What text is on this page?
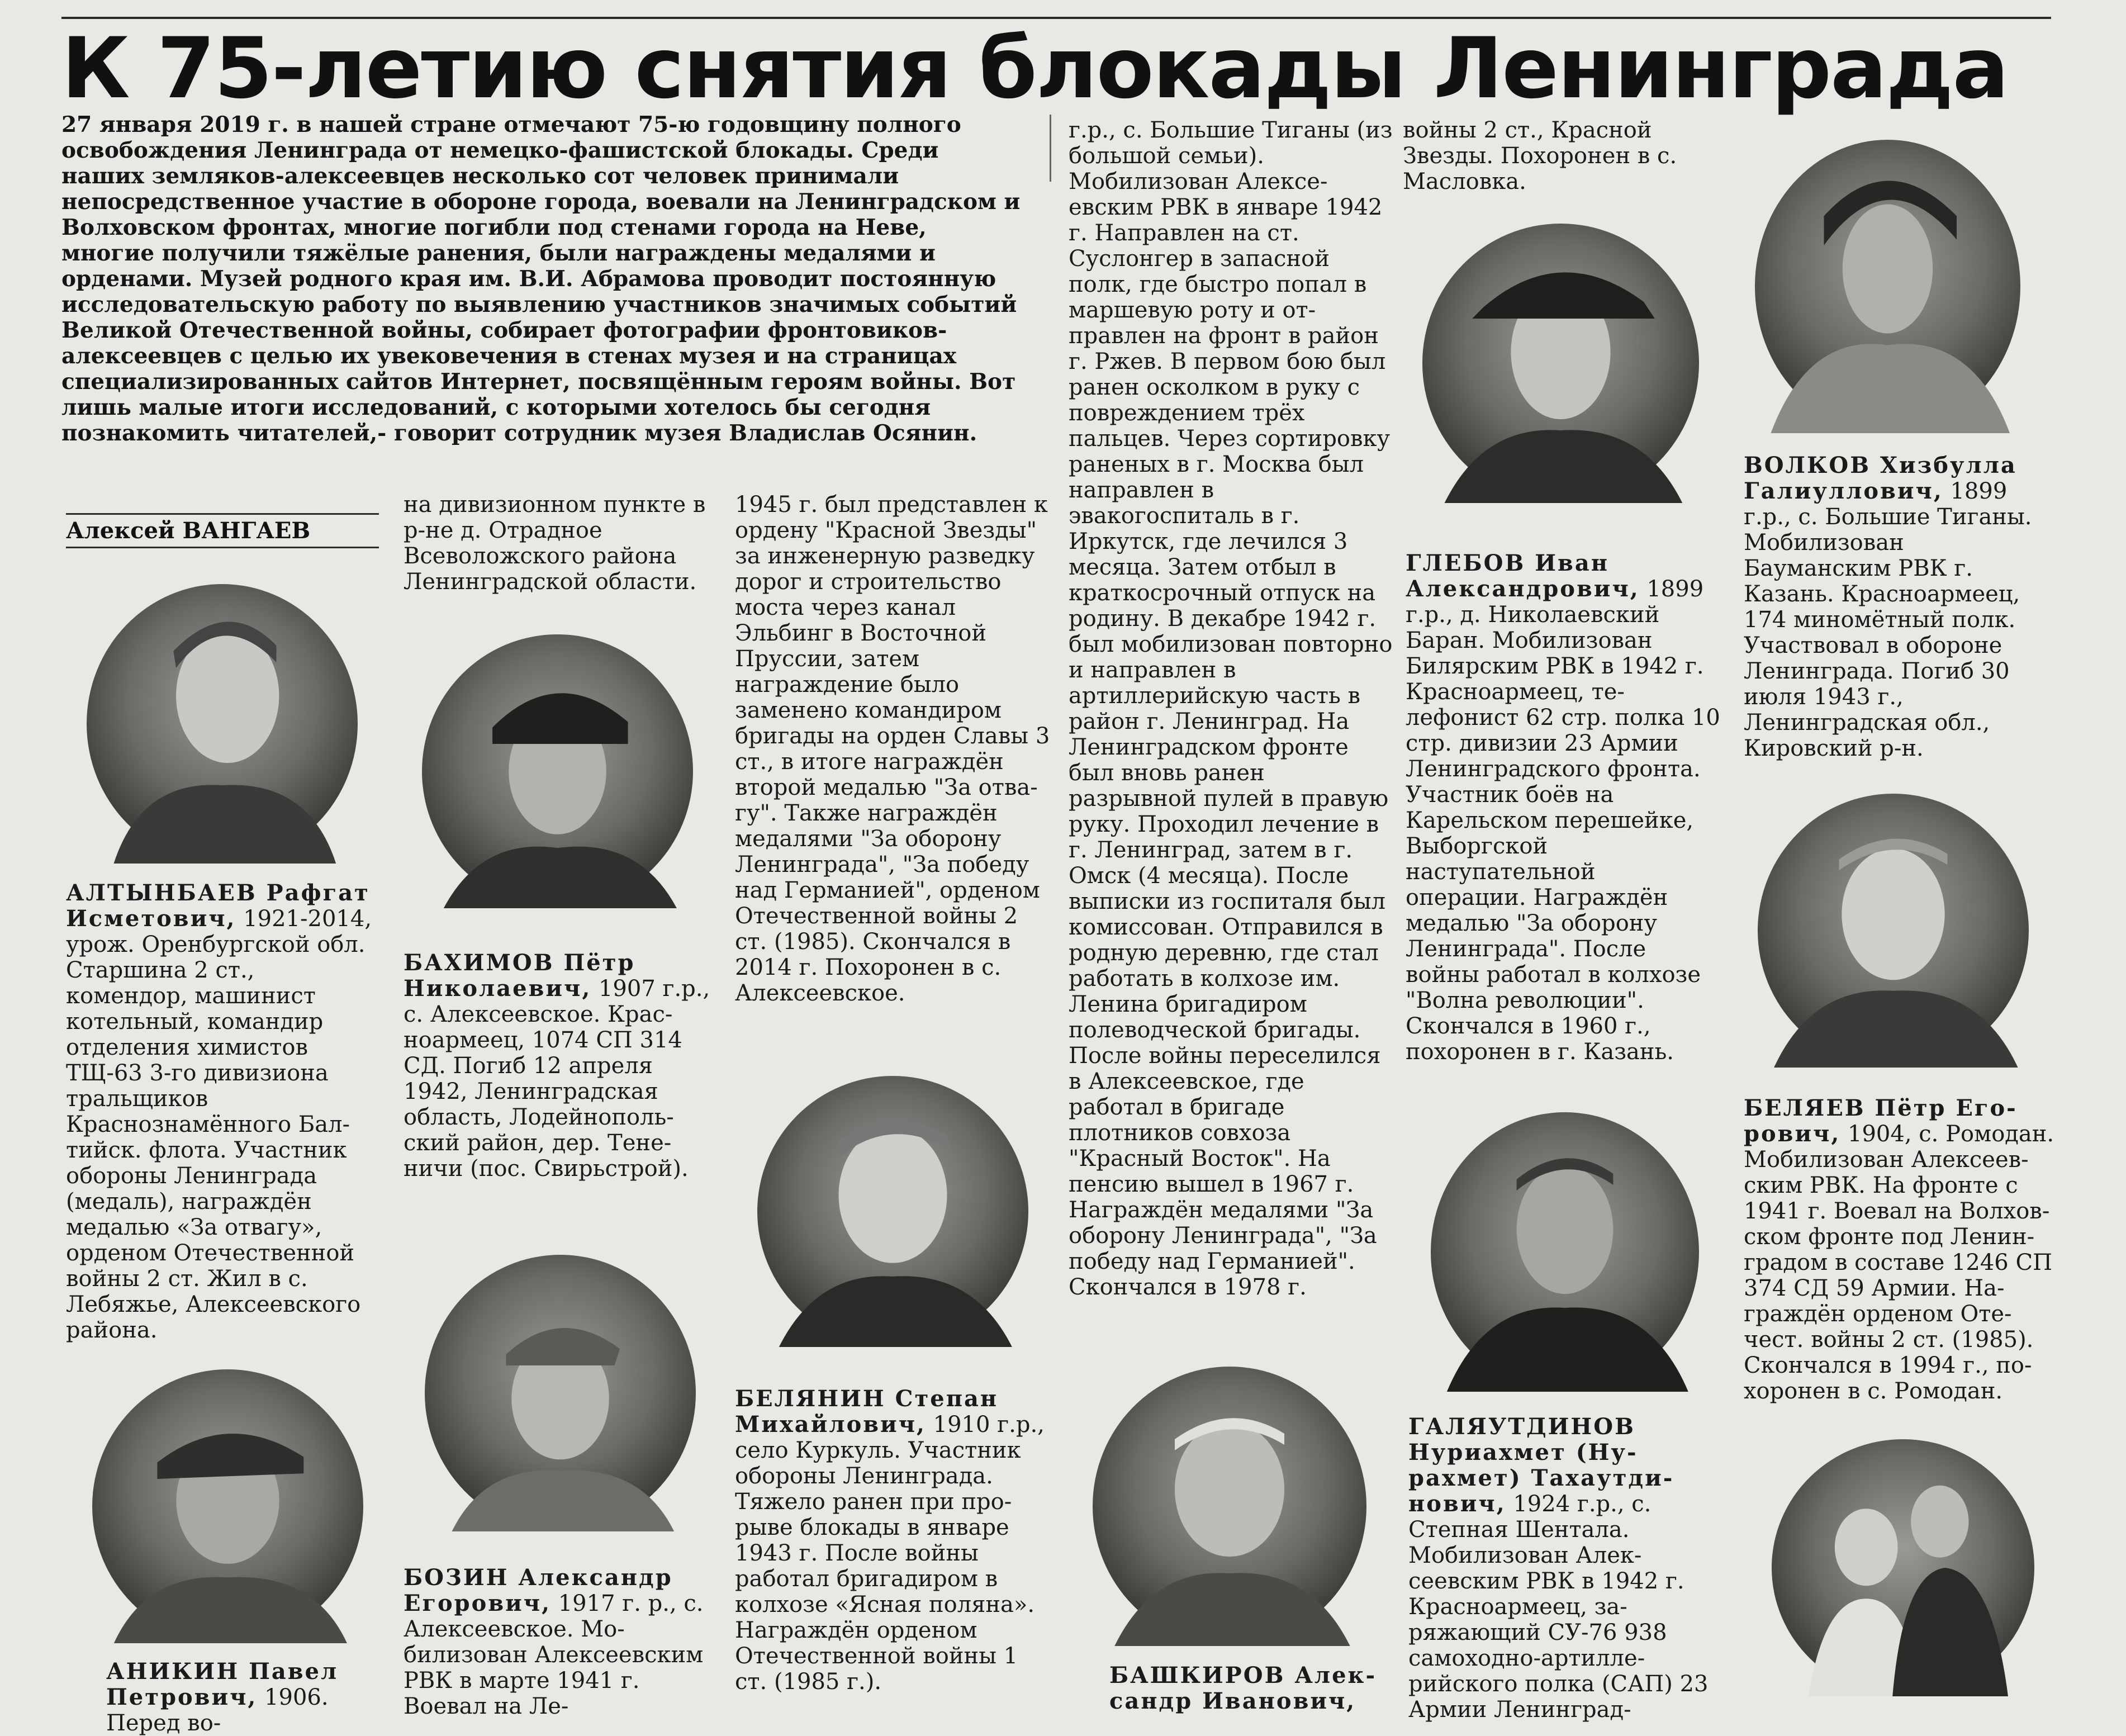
К 75-летию снятия блокады Ленинграда

27 января 2019 г. в нашей стране отмечают 75-ю годовщину полного освобождения Ленинграда от немецко-фашистской блокады. Среди наших земляков-алексеевцев несколько сот человек принимали непосредственное участие в обороне города, воевали на Ленинградском и Волховском фронтах, многие погибли под стенами города на Неве, многие получили тяжёлые ранения, были награждены медалями и орденами. Музей родного края им. В.И. Абрамова проводит постоянную исследовательскую работу по выявлению участников значимых событий Великой Отечественной войны, собирает фотографии фронтовиков-алексеевцев с целью их увековечения в стенах музея и на страницах специализированных сайтов Интернет, посвящённым героям войны. Вот лишь малые итоги исследований, с которыми хотелось бы сегодня познакомить читателей,- говорит сотрудник музея Владислав Осянин.

Алексей ВАНГАЕВ

АЛТЫНБАЕВ Рафгат Исметович, 1921-2014, урож. Оренбургской обл. Старшина 2 ст., комендор, машинист котельный, командир отделения химистов ТЩ-63 3-го дивизиона тральщиков Краснознамённого Балтийск. флота. Участник обороны Ленинграда (медаль), награждён медалью «За отвагу», орденом Отечественной войны 2 ст. Жил в с. Лебяжье, Алексеевского района.

АНИКИН Павел Петрович, 1906. Перед во-

на дивизионном пункте в р-не д. Отрадное Всеволожского района Ленинградской области.

БАХИМОВ Пётр Николаевич, 1907 г.р., с. Алексеевское. Красноармеец, 1074 СП 314 СД. Погиб 12 апреля 1942, Ленинградская область, Лодейнопольский район, дер. Тененичи (пос. Свирьстрой).

БОЗИН Александр Егорович, 1917 г. р., с. Алексеевское. Мобилизован Алексеевским РВК в марте 1941 г. Воевал на Ле-

1945 г. был представлен к ордену "Красной Звезды" за инженерную разведку дорог и строительство моста через канал Эльбинг в Восточной Пруссии, затем награждение было заменено командиром бригады на орден Славы 3 ст., в итоге награждён второй медалью "За отвагу". Также награждён медалями "За оборону Ленинграда", "За победу над Германией", орденом Отечественной войны 2 ст. (1985). Скончался в 2014 г. Похоронен в с. Алексеевское.

БЕЛЯНИН Степан Михайлович, 1910 г.р., село Куркуль. Участник обороны Ленинграда. Тяжело ранен при прорыве блокады в январе 1943 г. После войны работал бригадиром в колхозе «Ясная поляна». Награждён орденом Отечественной войны 1 ст. (1985 г.).

г.р., с. Большие Тиганы (из большой семьи). Мобилизован Алексеевским РВК в январе 1942 г. Направлен на ст. Суслонгер в запасной полк, где быстро попал в маршевую роту и отправлен на фронт в район г. Ржев. В первом бою был ранен осколком в руку с повреждением трёх пальцев. Через сортировку раненых в г. Москва был направлен в эвакогоспиталь в г. Иркутск, где лечился 3 месяца. Затем отбыл в краткосрочный отпуск на родину. В декабре 1942 г. был мобилизован повторно и направлен в артиллерийскую часть в район г. Ленинград. На Ленинградском фронте был вновь ранен разрывной пулей в правую руку. Проходил лечение в г. Ленинград, затем в г. Омск (4 месяца). После выписки из госпиталя был комиссован. Отправился в родную деревню, где стал работать в колхозе им. Ленина бригадиром полеводческой бригады. После войны переселился в Алексеевское, где работал в бригаде плотников совхоза "Красный Восток". На пенсию вышел в 1967 г. Награждён медалями "За оборону Ленинграда", "За победу над Германией". Скончался в 1978 г.

БАШКИРОВ Александр Иванович,

войны 2 ст., Красной Звезды. Похоронен в с. Масловка.

ГЛЕБОВ Иван Александрович, 1899 г.р., д. Николаевский Баран. Мобилизован Билярским РВК в 1942 г. Красноармеец, телефонист 62 стр. полка 10 стр. дивизии 23 Армии Ленинградского фронта. Участник боёв на Карельском перешейке, Выборгской наступательной операции. Награждён медалью "За оборону Ленинграда". После войны работал в колхозе "Волна революции". Скончался в 1960 г., похоронен в г. Казань.

ГАЛЯУТДИНОВ Нуриахмет (Нурахмет) Тахаутдинович, 1924 г.р., с. Степная Шентала. Мобилизован Алексеевским РВК в 1942 г. Красноармеец, заряжающий СУ-76 938 самоходно-артиллерийского полка (САП) 23 Армии Ленинград-

ВОЛКОВ Хизбулла Галиуллович, 1899 г.р., с. Большие Тиганы. Мобилизован Бауманским РВК г. Казань. Красноармеец, 174 миномётный полк. Участвовал в обороне Ленинграда. Погиб 30 июля 1943 г., Ленинградская обл., Кировский р-н.

БЕЛЯЕВ Пётр Егорович, 1904, с. Ромодан. Мобилизован Алексеевским РВК. На фронте с 1941 г. Воевал на Волховском фронте под Ленинградом в составе 1246 СП 374 СД 59 Армии. Награждён орденом Отечест. войны 2 ст. (1985). Скончался в 1994 г., похоронен в с. Ромодан.
